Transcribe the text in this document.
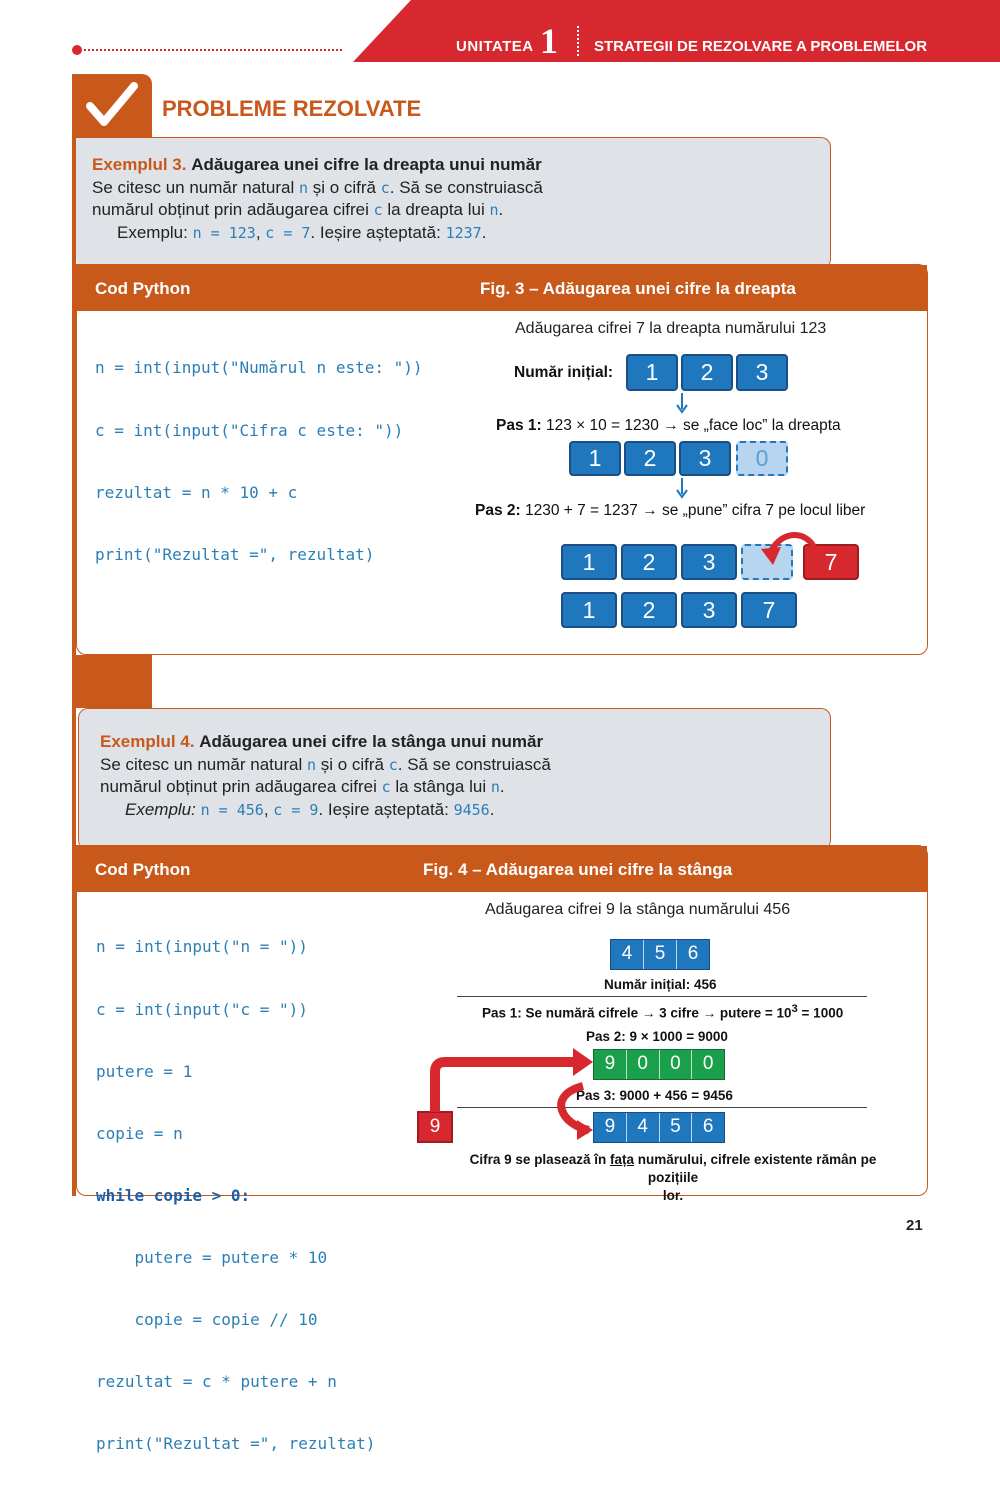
UNITATEA 1 STRATEGII DE REZOLVARE A PROBLEMELOR
PROBLEME REZOLVATE
Exemplul 3. Adăugarea unei cifre la dreapta unui număr
Se citesc un număr natural n și o cifră c. Să se construiască
numărul obținut prin adăugarea cifrei c la dreapta lui n.
Exemplu: n = 123, c = 7. Ieșire așteptată: 1237.
Cod Python	Fig. 3 – Adăugarea unei cifre la dreapta

n = int(input("Numărul n este: "))

c = int(input("Cifra c este: "))

rezultat = n * 10 + c

print("Rezultat =", rezultat)

Adăugarea cifrei 7 la dreapta numărului 123
Număr inițial:	1	2	3
Pas 1: 123 × 10 = 1230 → se „face loc” la dreapta
1	2	3	0
Pas 2: 1230 + 7 = 1237 → se „pune” cifra 7 pe locul liber
1	2	3	7
1	2	3	7
Exemplul 4. Adăugarea unei cifre la stânga unui număr
Se citesc un număr natural n și o cifră c. Să se construiască
numărul obținut prin adăugarea cifrei c la stânga lui n.
Exemplu: n = 456, c = 9. Ieșire așteptată: 9456.
Cod Python	Fig. 4 – Adăugarea unei cifre la stânga

n = int(input("n = "))

c = int(input("c = "))

putere = 1

copie = n

while copie > 0:

putere = putere * 10

copie = copie // 10

rezultat = c * putere + n

print("Rezultat =", rezultat)

Adăugarea cifrei 9 la stânga numărului 456
4	5	6
Număr inițial: 456
Pas 1: Se numără cifrele → 3 cifre → putere = $10^3 = 1000$
Pas 2: 9 × 1000 = 9000
9	0	0	0
Pas 3: 9000 + 456 = 9456
9	4	5	6
9
Cifra 9 se plasează în fața numărului, cifrele existente rămân pe pozițiile
lor.
21
